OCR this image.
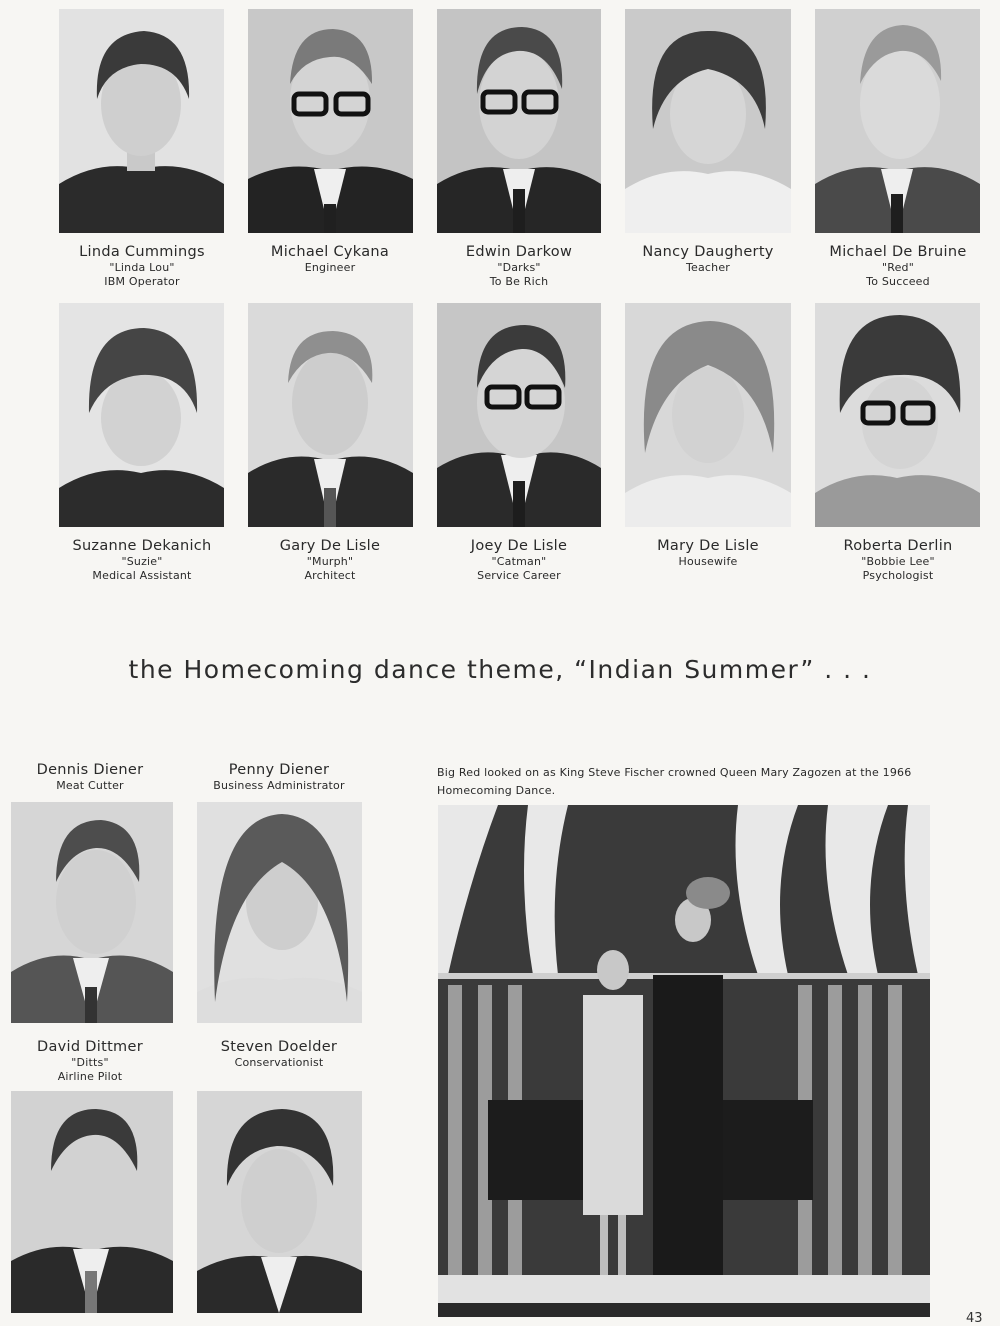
Linda Cummings
"Linda Lou"
IBM Operator
Michael Cykana
Engineer
Edwin Darkow
"Darks"
To Be Rich
Nancy Daugherty
Teacher
Michael De Bruine
"Red"
To Succeed
Suzanne Dekanich
"Suzie"
Medical Assistant
Gary De Lisle
"Murph"
Architect
Joey De Lisle
"Catman"
Service Career
Mary De Lisle
Housewife
Roberta Derlin
"Bobbie Lee"
Psychologist
the Homecoming dance theme, “Indian Summer” . . .
Dennis Diener
Meat Cutter
Penny Diener
Business Administrator
David Dittmer
"Ditts"
Airline Pilot
Steven Doelder
Conservationist
Big Red looked on as King Steve Fischer crowned Queen Mary Zagozen at the 1966 Homecoming Dance.
43
